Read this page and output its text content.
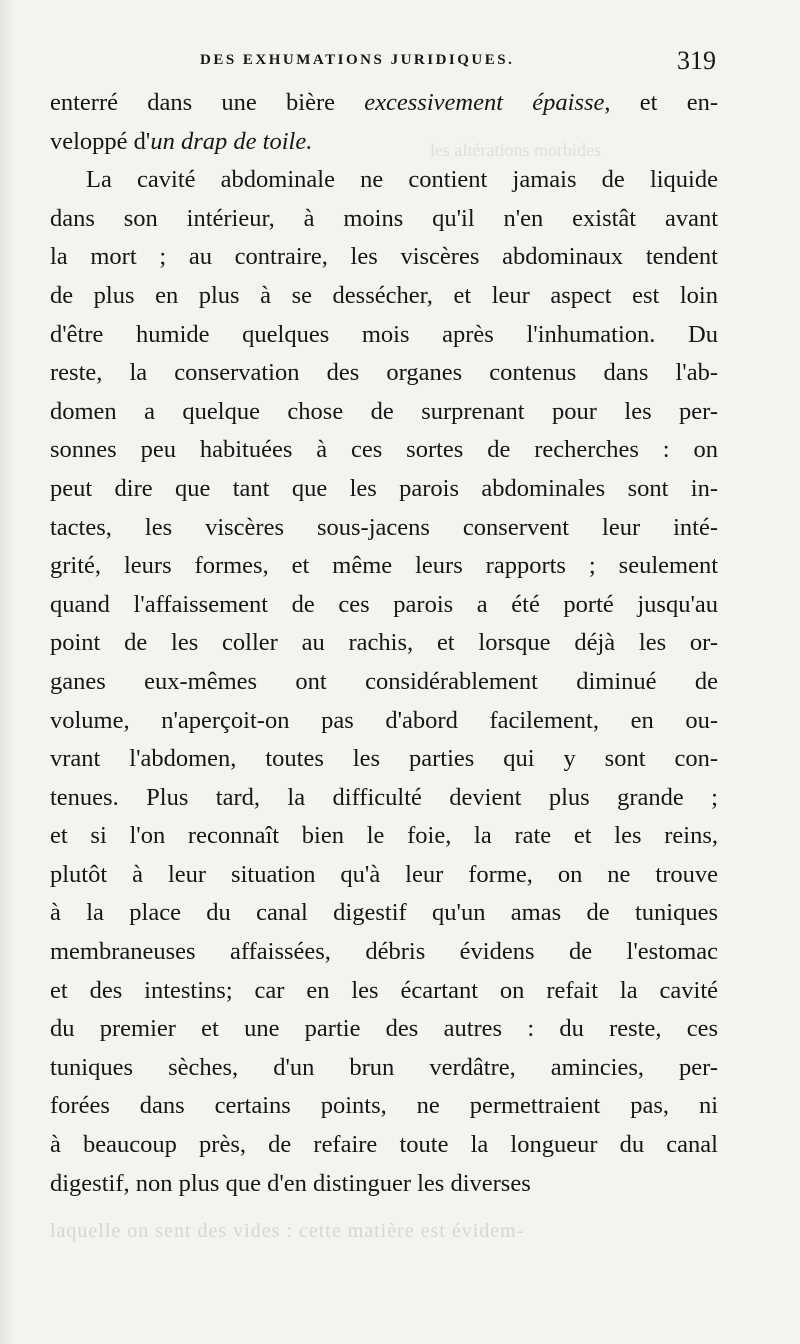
DES EXHUMATIONS JURIDIQUES.	319
les altérations morbides
enterré dans une bière excessivement épaisse, et en-
veloppé d'un drap de toile.
La cavité abdominale ne contient jamais de liquide
dans son intérieur, à moins qu'il n'en existât avant
la mort ; au contraire, les viscères abdominaux tendent
de plus en plus à se dessécher, et leur aspect est loin
d'être humide quelques mois après l'inhumation. Du
reste, la conservation des organes contenus dans l'ab-
domen a quelque chose de surprenant pour les per-
sonnes peu habituées à ces sortes de recherches : on
peut dire que tant que les parois abdominales sont in-
tactes, les viscères sous-jacens conservent leur inté-
grité, leurs formes, et même leurs rapports ; seulement
quand l'affaissement de ces parois a été porté jusqu'au
point de les coller au rachis, et lorsque déjà les or-
ganes eux-mêmes ont considérablement diminué de
volume, n'aperçoit-on pas d'abord facilement, en ou-
vrant l'abdomen, toutes les parties qui y sont con-
tenues. Plus tard, la difficulté devient plus grande ;
et si l'on reconnaît bien le foie, la rate et les reins,
plutôt à leur situation qu'à leur forme, on ne trouve
à la place du canal digestif qu'un amas de tuniques
membraneuses affaissées, débris évidens de l'estomac
et des intestins; car en les écartant on refait la cavité
du premier et une partie des autres : du reste, ces
tuniques sèches, d'un brun verdâtre, amincies, per-
forées dans certains points, ne permettraient pas, ni
à beaucoup près, de refaire toute la longueur du canal
digestif, non plus que d'en distinguer les diverses
laquelle on sent des vides : cette matière est évidem-
